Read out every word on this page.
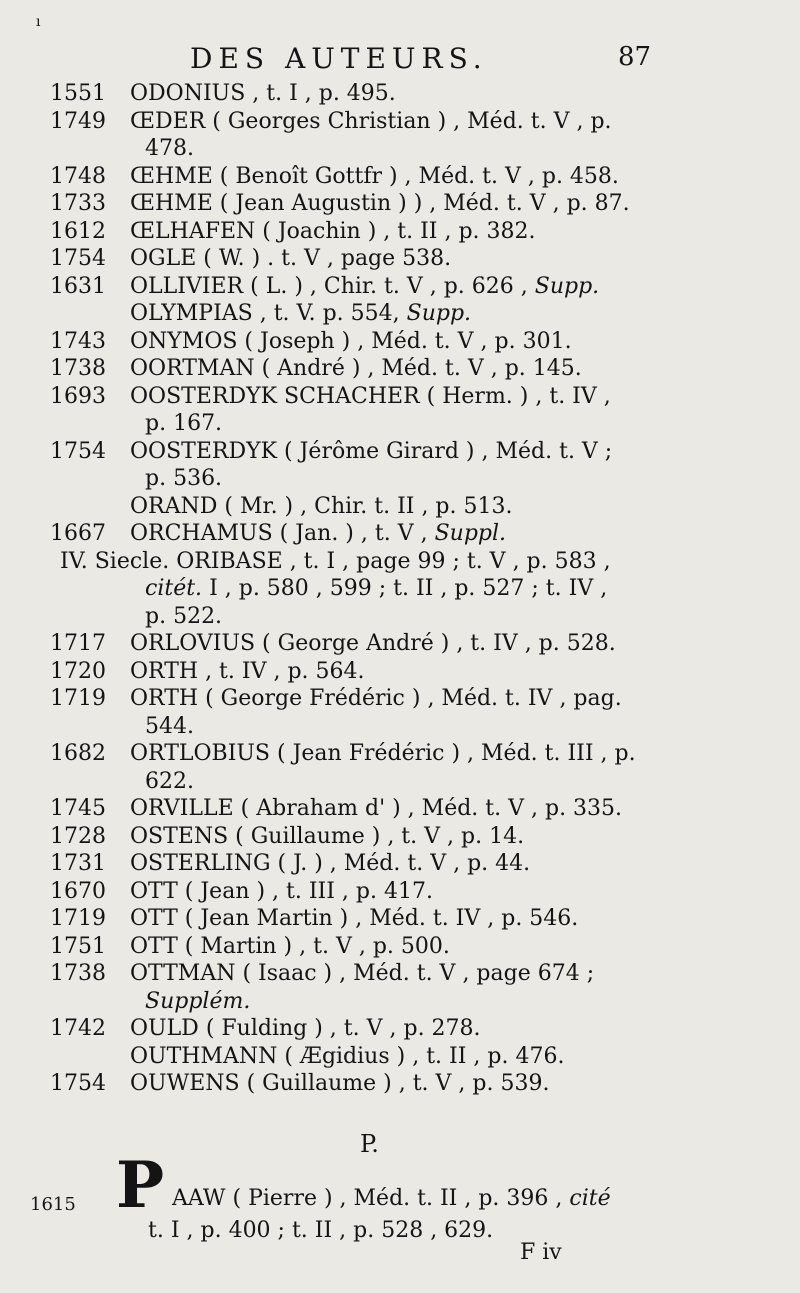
ı
DES AUTEURS.	87
1551 ODONIUS , t. I , p. 495.
1749 ŒDER ( Georges Christian ) , Méd. t. V , p.
478.
1748 ŒHME ( Benoît Gottfr ) , Méd. t. V , p. 458.
1733 ŒHME ( Jean Augustin ) ) , Méd. t. V , p. 87.
1612 ŒLHAFEN ( Joachin ) , t. II , p. 382.
1754 OGLE ( W. ) . t. V , page 538.
1631 OLLIVIER ( L. ) , Chir. t. V , p. 626 , Supp.
OLYMPIAS , t. V. p. 554, Supp.
1743 ONYMOS ( Joseph ) , Méd. t. V , p. 301.
1738 OORTMAN ( André ) , Méd. t. V , p. 145.
1693 OOSTERDYK SCHACHER ( Herm. ) , t. IV ,
p. 167.
1754 OOSTERDYK ( Jérôme Girard ) , Méd. t. V ;
p. 536.
ORAND ( Mr. ) , Chir. t. II , p. 513.
1667 ORCHAMUS ( Jan. ) , t. V , Suppl.
IV. Siecle. ORIBASE , t. I , page 99 ; t. V , p. 583 ,
citét. I , p. 580 , 599 ; t. II , p. 527 ; t. IV ,
p. 522.
1717 ORLOVIUS ( George André ) , t. IV , p. 528.
1720 ORTH , t. IV , p. 564.
1719 ORTH ( George Frédéric ) , Méd. t. IV , pag.
544.
1682 ORTLOBIUS ( Jean Frédéric ) , Méd. t. III , p.
622.
1745 ORVILLE ( Abraham d' ) , Méd. t. V , p. 335.
1728 OSTENS ( Guillaume ) , t. V , p. 14.
1731 OSTERLING ( J. ) , Méd. t. V , p. 44.
1670 OTT ( Jean ) , t. III , p. 417.
1719 OTT ( Jean Martin ) , Méd. t. IV , p. 546.
1751 OTT ( Martin ) , t. V , p. 500.
1738 OTTMAN ( Isaac ) , Méd. t. V , page 674 ;
Supplém.
1742 OULD ( Fulding ) , t. V , p. 278.
OUTHMANN ( Ægidius ) , t. II , p. 476.
1754 OUWENS ( Guillaume ) , t. V , p. 539.
P.
1615 P AAW ( Pierre ) , Méd. t. II , p. 396 , cité
t. I , p. 400 ; t. II , p. 528 , 629.
F iv
